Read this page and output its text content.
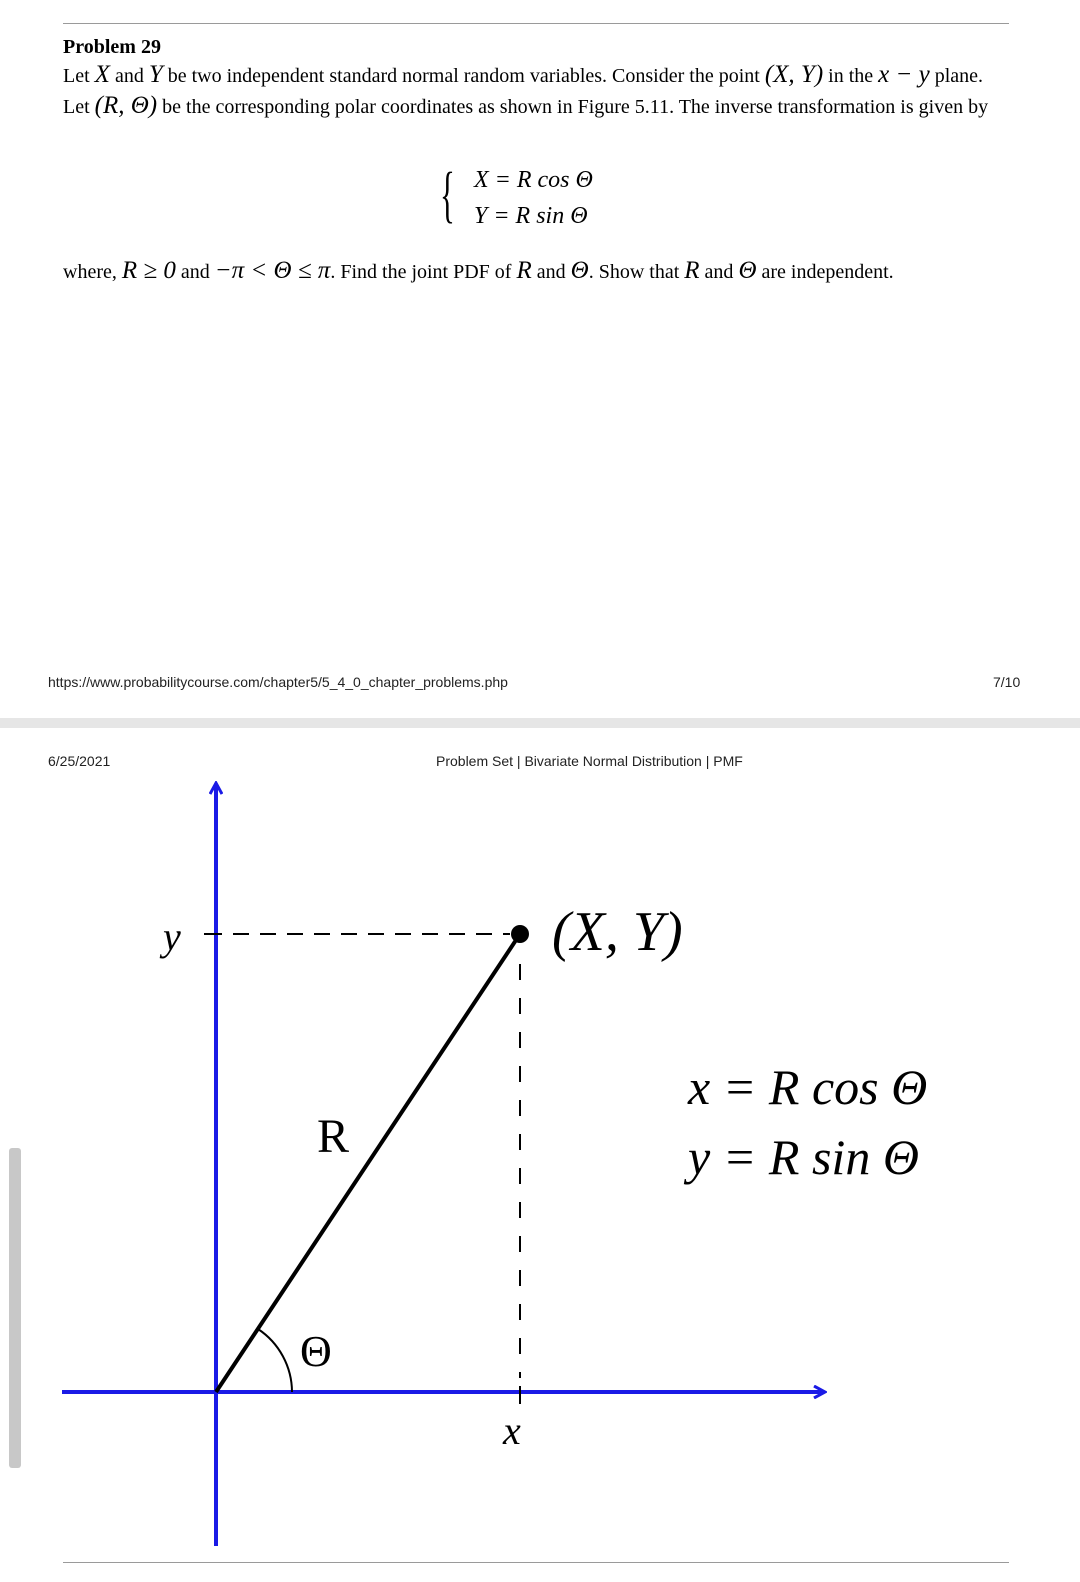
Problem 29
Let X and Y be two independent standard normal random variables. Consider the point (X, Y) in the x − y plane. Let (R, Θ) be the corresponding polar coordinates as shown in Figure 5.11. The inverse transformation is given by
{ X = R cos Θ
Y = R sin Θ
where, R ≥ 0 and −π < Θ ≤ π. Find the joint PDF of R and Θ. Show that R and Θ are independent.
https://www.probabilitycourse.com/chapter5/5_4_0_chapter_problems.php	7/10
6/25/2021	Problem Set | Bivariate Normal Distribution | PMF
(X, Y)
y
x
R
Θ
x = R cos Θ
y = R sin Θ
